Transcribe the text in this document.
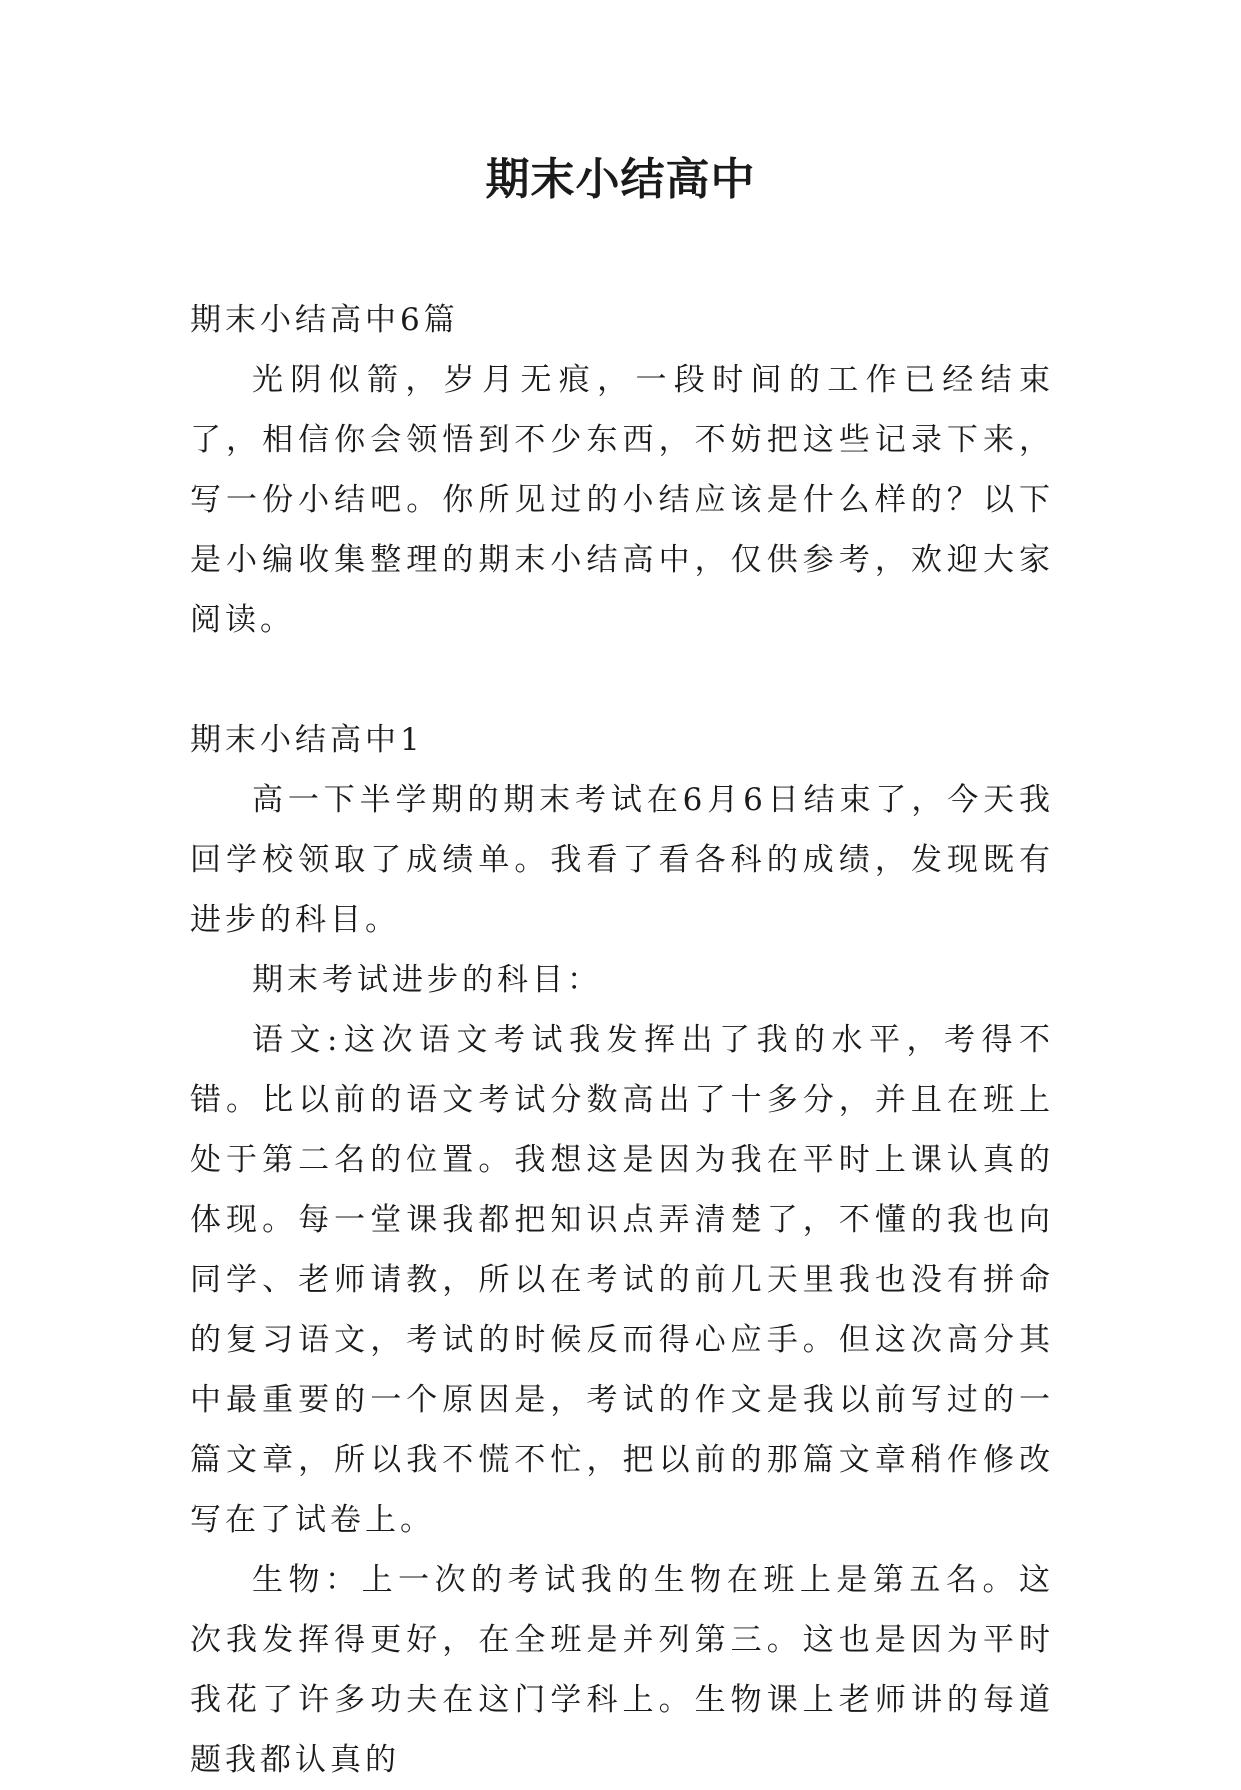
期末小结高中
期末小结高中6篇

光阴似箭，岁月无痕，一段时间的工作已经结束了，相信你会领悟到不少东西，不妨把这些记录下来，写一份小结吧。你所见过的小结应该是什么样的？以下是小编收集整理的期末小结高中，仅供参考，欢迎大家阅读。

期末小结高中1

高一下半学期的期末考试在6月6日结束了，今天我回学校领取了成绩单。我看了看各科的成绩，发现既有进步的科目。

期末考试进步的科目：

语文:这次语文考试我发挥出了我的水平，考得不错。比以前的语文考试分数高出了十多分，并且在班上处于第二名的位置。我想这是因为我在平时上课认真的体现。每一堂课我都把知识点弄清楚了，不懂的我也向同学、老师请教，所以在考试的前几天里我也没有拼命的复习语文，考试的时候反而得心应手。但这次高分其中最重要的一个原因是，考试的作文是我以前写过的一篇文章，所以我不慌不忙，把以前的那篇文章稍作修改写在了试卷上。

生物：上一次的考试我的生物在班上是第五名。这次我发挥得更好，在全班是并列第三。这也是因为平时我花了许多功夫在这门学科上。生物课上老师讲的每道题我都认真的
